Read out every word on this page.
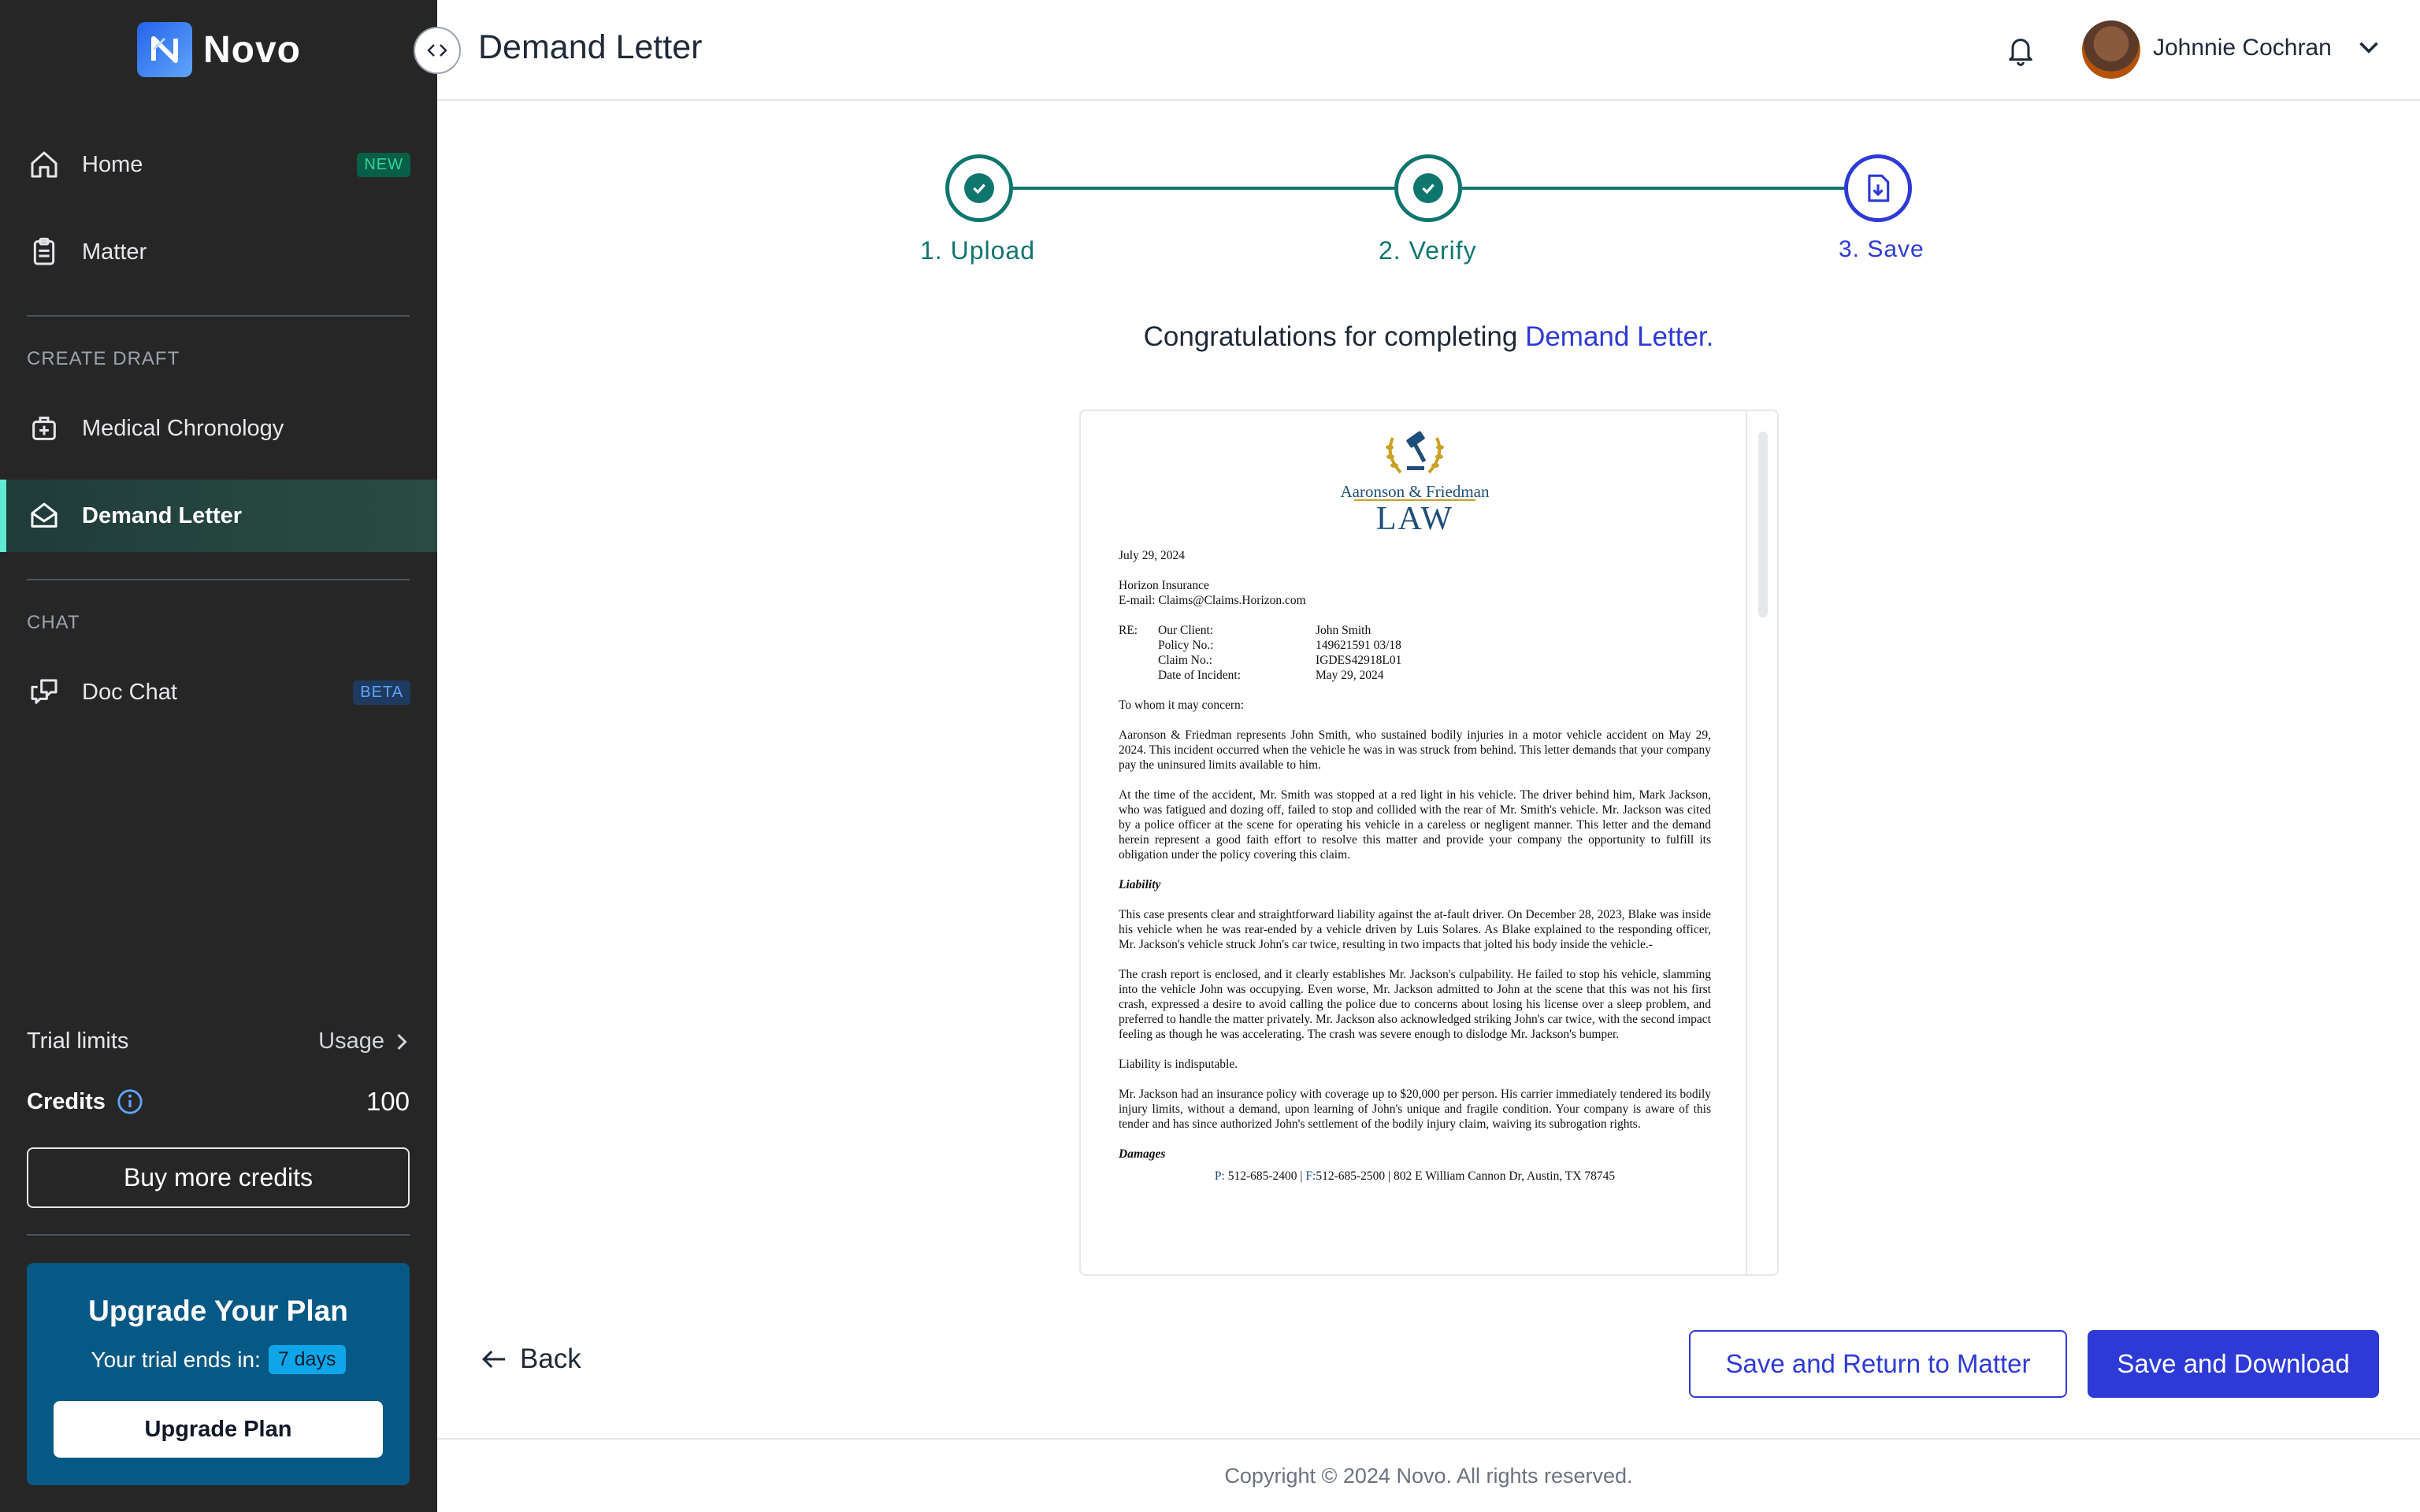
Novo
Home	NEW
Matter
CREATE DRAFT
Medical Chronology
Demand Letter
CHAT
Doc Chat	BETA
Trial limits	Usage
Credits	100
Buy more credits
Upgrade Your Plan
Your trial ends in: 7 days
Upgrade Plan
Demand Letter	Johnnie Cochran
1. Upload	2. Verify	3. Save
Congratulations for completing Demand Letter.
Aaronson & Friedman
LAW

July 29, 2024

Horizon Insurance

E-mail: Claims@Claims.Horizon.com

RE:	Our Client:	John Smith
Policy No.:	149621591 03/18
Claim No.:	IGDES42918L01
Date of Incident:	May 29, 2024

To whom it may concern:

Aaronson & Friedman represents John Smith, who sustained bodily injuries in a motor vehicle accident on May 29, 2024. This incident occurred when the vehicle he was in was struck from behind. This letter demands that your company pay the uninsured limits available to him.

At the time of the accident, Mr. Smith was stopped at a red light in his vehicle. The driver behind him, Mark Jackson, who was fatigued and dozing off, failed to stop and collided with the rear of Mr. Smith's vehicle. Mr. Jackson was cited by a police officer at the scene for operating his vehicle in a careless or negligent manner. This letter and the demand herein represent a good faith effort to resolve this matter and provide your company the opportunity to fulfill its obligation under the policy covering this claim.

Liability

This case presents clear and straightforward liability against the at-fault driver. On December 28, 2023, Blake was inside his vehicle when he was rear-ended by a vehicle driven by Luis Solares. As Blake explained to the responding officer, Mr. Jackson's vehicle struck John's car twice, resulting in two impacts that jolted his body inside the vehicle.-

The crash report is enclosed, and it clearly establishes Mr. Jackson's culpability. He failed to stop his vehicle, slamming into the vehicle John was occupying. Even worse, Mr. Jackson admitted to John at the scene that this was not his first crash, expressed a desire to avoid calling the police due to concerns about losing his license over a sleep problem, and preferred to handle the matter privately. Mr. Jackson also acknowledged striking John's car twice, with the second impact feeling as though he was accelerating. The crash was severe enough to dislodge Mr. Jackson's bumper.

Liability is indisputable.

Mr. Jackson had an insurance policy with coverage up to $20,000 per person. His carrier immediately tendered its bodily injury limits, without a demand, upon learning of John's unique and fragile condition. Your company is aware of this tender and has since authorized John's settlement of the bodily injury claim, waiving its subrogation rights.

Damages
P: 512-685-2400 | F:512-685-2500 | 802 E William Cannon Dr, Austin, TX 78745
Back	Save and Return to Matter	Save and Download
Copyright © 2024 Novo. All rights reserved.
